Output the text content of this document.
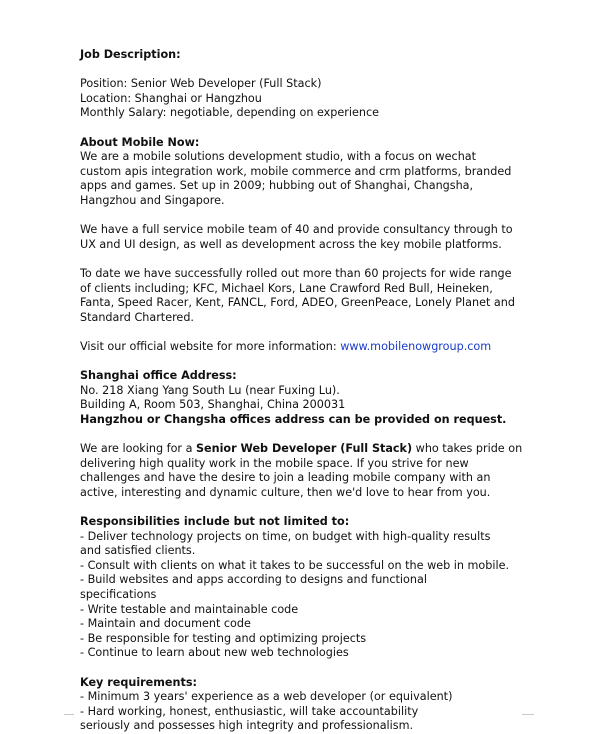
Job Description:

Position: Senior Web Developer (Full Stack)

Location: Shanghai or Hangzhou

Monthly Salary: negotiable, depending on experience

About Mobile Now:

We are a mobile solutions development studio, with a focus on wechat

custom apis integration work, mobile commerce and crm platforms, branded

apps and games. Set up in 2009; hubbing out of Shanghai, Changsha,

Hangzhou and Singapore.

We have a full service mobile team of 40 and provide consultancy through to

UX and UI design, as well as development across the key mobile platforms.

To date we have successfully rolled out more than 60 projects for wide range

of clients including; KFC, Michael Kors, Lane Crawford Red Bull, Heineken,

Fanta, Speed Racer, Kent, FANCL, Ford, ADEO, GreenPeace, Lonely Planet and

Standard Chartered.

Visit our official website for more information: www.mobilenowgroup.com

Shanghai office Address:

No. 218 Xiang Yang South Lu (near Fuxing Lu).

Building A, Room 503, Shanghai, China 200031

Hangzhou or Changsha offices address can be provided on request.

We are looking for a Senior Web Developer (Full Stack) who takes pride on

delivering high quality work in the mobile space. If you strive for new

challenges and have the desire to join a leading mobile company with an

active, interesting and dynamic culture, then we'd love to hear from you.

Responsibilities include but not limited to:

- Deliver technology projects on time, on budget with high-quality results

and satisfied clients.

- Consult with clients on what it takes to be successful on the web in mobile.

- Build websites and apps according to designs and functional

specifications

- Write testable and maintainable code

- Maintain and document code

- Be responsible for testing and optimizing projects

- Continue to learn about new web technologies

Key requirements:

- Minimum 3 years' experience as a web developer (or equivalent)

- Hard working, honest, enthusiastic, will take accountability

seriously and possesses high integrity and professionalism.
